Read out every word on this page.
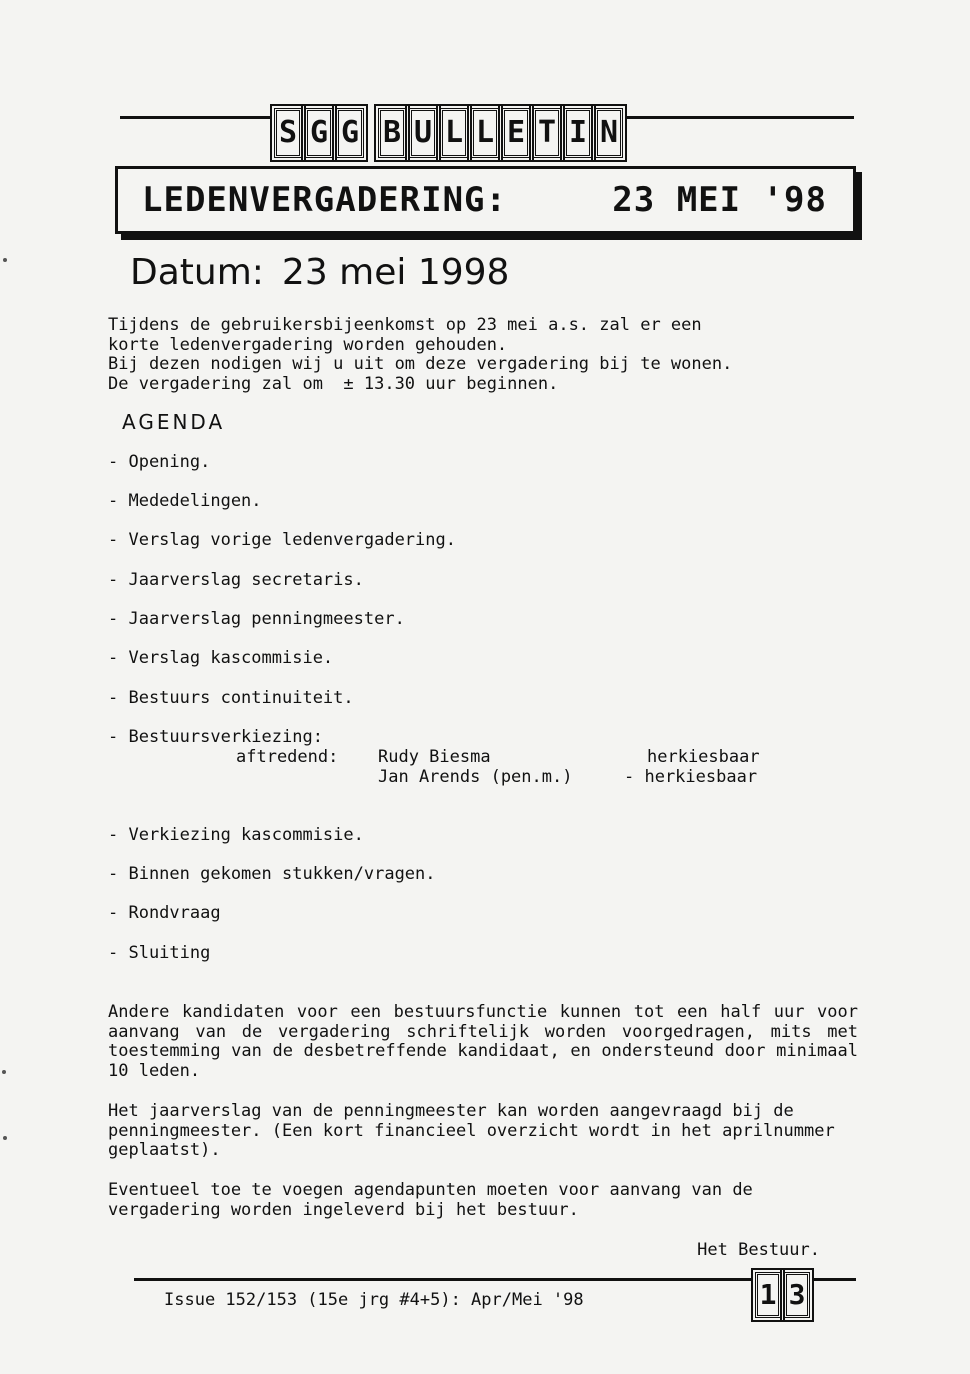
S G G B U L L E T I N
LEDENVERGADERING:	23 MEI '98
Datum: 23 mei 1998
Tijdens de gebruikersbijeenkomst op 23 mei a.s. zal er een
korte ledenvergadering worden gehouden.
Bij dezen nodigen wij u uit om deze vergadering bij te wonen.
De vergadering zal om  ± 13.30 uur beginnen.
AGENDA
- Opening.
- Mededelingen.
- Verslag vorige ledenvergadering.
- Jaarverslag secretaris.
- Jaarverslag penningmeester.
- Verslag kascommisie.
- Bestuurs continuiteit.
- Bestuursverkiezing:
aftredend: Rudy Biesma	herkiesbaar
Jan Arends (pen.m.)	- herkiesbaar
- Verkiezing kascommisie.
- Binnen gekomen stukken/vragen.
- Rondvraag
- Sluiting
Andere kandidaten voor een bestuursfunctie kunnen tot een half uur voor aanvang van de vergadering schriftelijk worden voorgedragen, mits met toestemming van de desbetreffende kandidaat, en ondersteund door minimaal 10 leden.
Het jaarverslag van de penningmeester kan worden aangevraagd bij de penningmeester. (Een kort financieel overzicht wordt in het aprilnummer geplaatst).
Eventueel toe te voegen agendapunten moeten voor aanvang van de vergadering worden ingeleverd bij het bestuur.
Het Bestuur.
Issue 152/153 (15e jrg #4+5): Apr/Mei '98	1 3
